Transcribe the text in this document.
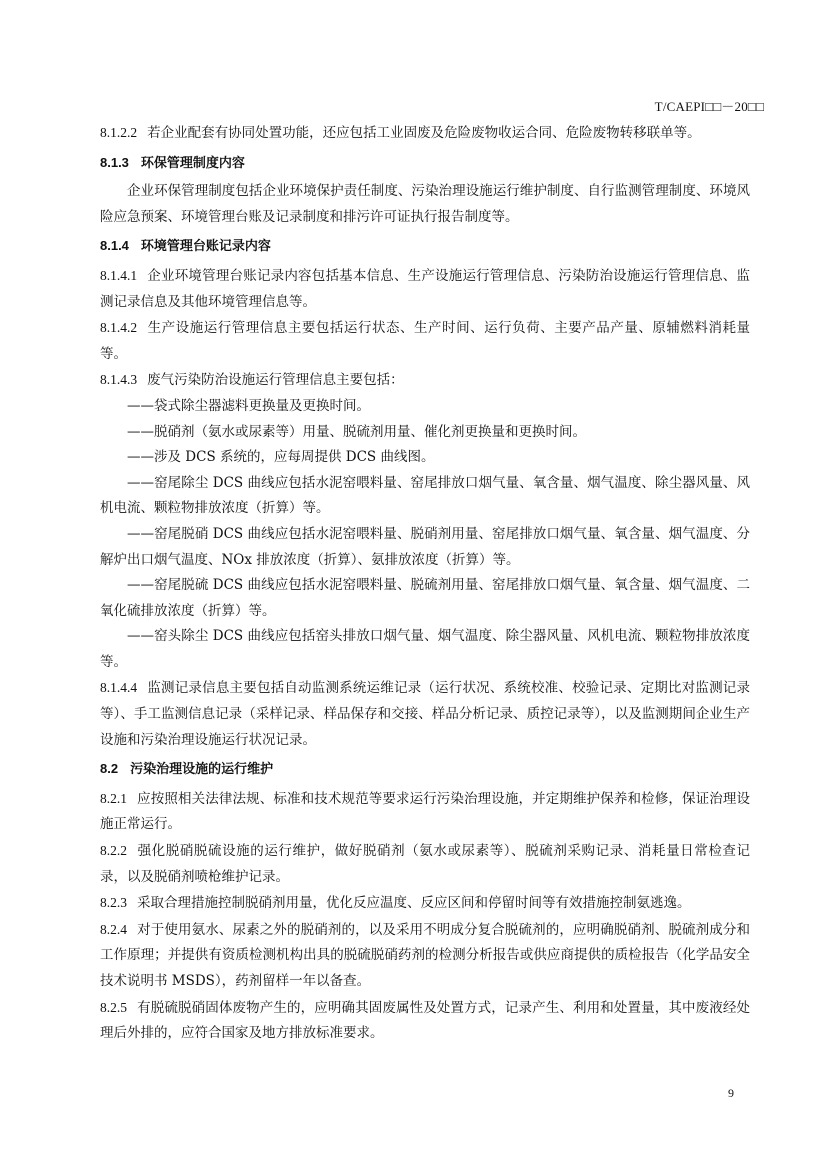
T/CAEPI□□－20□□

8.1.2.2 若企业配套有协同处置功能，还应包括工业固废及危险废物收运合同、危险废物转移联单等。

8.1.3 环保管理制度内容

企业环保管理制度包括企业环境保护责任制度、污染治理设施运行维护制度、自行监测管理制度、环境风险应急预案、环境管理台账及记录制度和排污许可证执行报告制度等。

8.1.4 环境管理台账记录内容

8.1.4.1 企业环境管理台账记录内容包括基本信息、生产设施运行管理信息、污染防治设施运行管理信息、监测记录信息及其他环境管理信息等。

8.1.4.2 生产设施运行管理信息主要包括运行状态、生产时间、运行负荷、主要产品产量、原辅燃料消耗量等。

8.1.4.3 废气污染防治设施运行管理信息主要包括：

——袋式除尘器滤料更换量及更换时间。

——脱硝剂（氨水或尿素等）用量、脱硫剂用量、催化剂更换量和更换时间。

——涉及 DCS 系统的，应每周提供 DCS 曲线图。

——窑尾除尘 DCS 曲线应包括水泥窑喂料量、窑尾排放口烟气量、氧含量、烟气温度、除尘器风量、风机电流、颗粒物排放浓度（折算）等。

——窑尾脱硝 DCS 曲线应包括水泥窑喂料量、脱硝剂用量、窑尾排放口烟气量、氧含量、烟气温度、分解炉出口烟气温度、NOx 排放浓度（折算）、氨排放浓度（折算）等。

——窑尾脱硫 DCS 曲线应包括水泥窑喂料量、脱硫剂用量、窑尾排放口烟气量、氧含量、烟气温度、二氧化硫排放浓度（折算）等。

——窑头除尘 DCS 曲线应包括窑头排放口烟气量、烟气温度、除尘器风量、风机电流、颗粒物排放浓度等。

8.1.4.4 监测记录信息主要包括自动监测系统运维记录（运行状况、系统校准、校验记录、定期比对监测记录等）、手工监测信息记录（采样记录、样品保存和交接、样品分析记录、质控记录等），以及监测期间企业生产设施和污染治理设施运行状况记录。

8.2 污染治理设施的运行维护

8.2.1 应按照相关法律法规、标准和技术规范等要求运行污染治理设施，并定期维护保养和检修，保证治理设施正常运行。

8.2.2 强化脱硝脱硫设施的运行维护，做好脱硝剂（氨水或尿素等）、脱硫剂采购记录、消耗量日常检查记录，以及脱硝剂喷枪维护记录。

8.2.3 采取合理措施控制脱硝剂用量，优化反应温度、反应区间和停留时间等有效措施控制氨逃逸。

8.2.4 对于使用氨水、尿素之外的脱硝剂的，以及采用不明成分复合脱硫剂的，应明确脱硝剂、脱硫剂成分和工作原理；并提供有资质检测机构出具的脱硫脱硝药剂的检测分析报告或供应商提供的质检报告（化学品安全技术说明书 MSDS），药剂留样一年以备查。

8.2.5 有脱硫脱硝固体废物产生的，应明确其固废属性及处置方式，记录产生、利用和处置量，其中废液经处理后外排的，应符合国家及地方排放标准要求。

9
